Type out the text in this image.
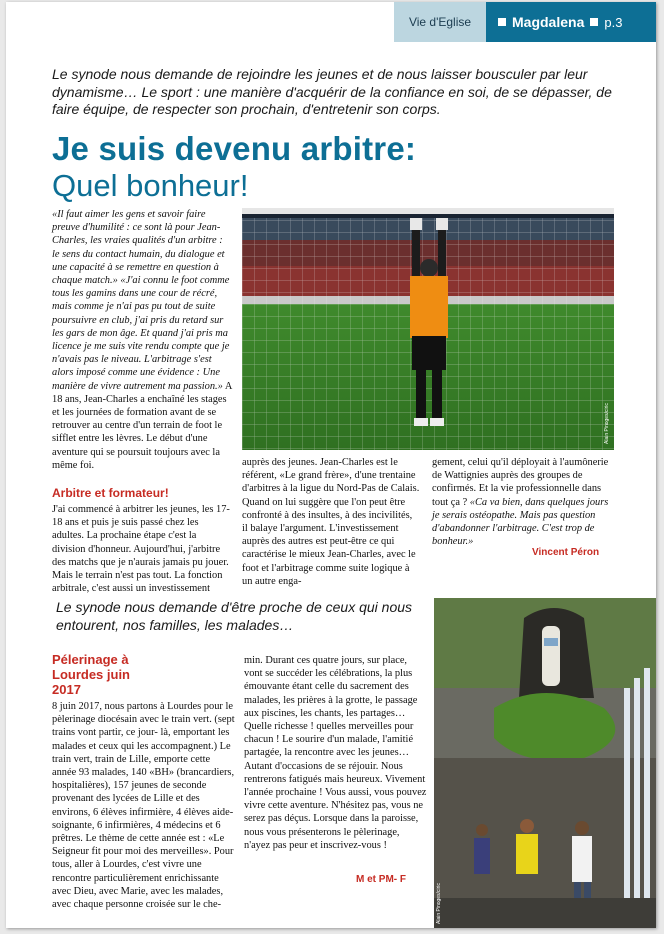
Vie d'Eglise	Magdalena p.3
Le synode nous demande de rejoindre les jeunes et de nous laisser bousculer par leur dynamisme… Le sport : une manière d'acquérir de la confiance en soi, de se dépasser, de faire équipe, de respecter son prochain, d'entretenir son corps.
Je suis devenu arbitre:
Quel bonheur!
Alain Pinoges/ciric

«Il faut aimer les gens et savoir faire preuve d'humilité : ce sont là pour Jean-Charles, les vraies qualités d'un arbitre : le sens du contact humain, du dialogue et une capacité à se remettre en question à chaque match.» «J'ai connu le foot comme tous les gamins dans une cour de récré, mais comme je n'ai pas pu tout de suite poursuivre en club, j'ai pris du retard sur les gars de mon âge. Et quand j'ai pris ma licence je me suis vite rendu compte que je n'avais pas le niveau. L'arbitrage s'est alors imposé comme une évidence : Une manière de vivre autrement ma passion.» A 18 ans, Jean-Charles a enchaîné les stages et les journées de formation avant de se retrouver au centre d'un terrain de foot le sifflet entre les lèvres. Le début d'une aventure qui se poursuit toujours avec la même foi.

Arbitre et formateur!

J'ai commencé à arbitrer les jeunes, les 17-18 ans et puis je suis passé chez les adultes. La prochaine étape c'est la division d'honneur. Aujourd'hui, j'arbitre des matchs que je n'aurais jamais pu jouer. Mais le terrain n'est pas tout. La fonction arbitrale, c'est aussi un investissement

auprès des jeunes. Jean-Charles est le référent, «Le grand frère», d'une trentaine d'arbitres à la ligue du Nord-Pas de Calais. Quand on lui suggère que l'on peut être confronté à des insultes, à des incivilités, il balaye l'argument. L'investissement auprès des autres est peut-être ce qui caractérise le mieux Jean-Charles, avec le foot et l'arbitrage comme suite logique à un autre enga-

gement, celui qu'il déployait à l'aumônerie de Wattignies auprès des groupes de confirmés. Et la vie professionnelle dans tout ça ? «Ca va bien, dans quelques jours je serais ostéopathe. Mais pas question d'abandonner l'arbitrage. C'est trop de bonheur.»

Vincent Péron
Le synode nous demande d'être proche de ceux qui nous entourent, nos familles, les malades…
Pélerinage à Lourdes juin 2017

8 juin 2017, nous partons à Lourdes pour le pèlerinage diocésain avec le train vert. (sept trains vont partir, ce jour- là, emportant les malades et ceux qui les accompagnent.) Le train vert, train de Lille, emporte cette année 93 malades, 140 «BH» (brancardiers, hospitalières), 157 jeunes de seconde provenant des lycées de Lille et des environs, 6 élèves infirmière, 4 élèves aide-soignante, 6 infirmières, 4 médecins et 6 prêtres. Le thème de cette année est : «Le Seigneur fit pour moi des merveilles». Pour tous, aller à Lourdes, c'est vivre une rencontre particulièrement enrichissante avec Dieu, avec Marie, avec les malades, avec chaque personne croisée sur le che-

min. Durant ces quatre jours, sur place, vont se succéder les célébrations, la plus émouvante étant celle du sacrement des malades, les prières à la grotte, le passage aux piscines, les chants, les partages… Quelle richesse ! quelles merveilles pour chacun ! Le sourire d'un malade, l'amitié partagée, la rencontre avec les jeunes… Autant d'occasions de se réjouir. Nous rentrerons fatigués mais heureux. Vivement l'année prochaine ! Vous aussi, vous pouvez vivre cette aventure. N'hésitez pas, vous ne serez pas déçus. Lorsque dans la paroisse, nous vous présenterons le pèlerinage, n'ayez pas peur et inscrivez-vous !

M et PM- F
Alain Pinoges/ciric
